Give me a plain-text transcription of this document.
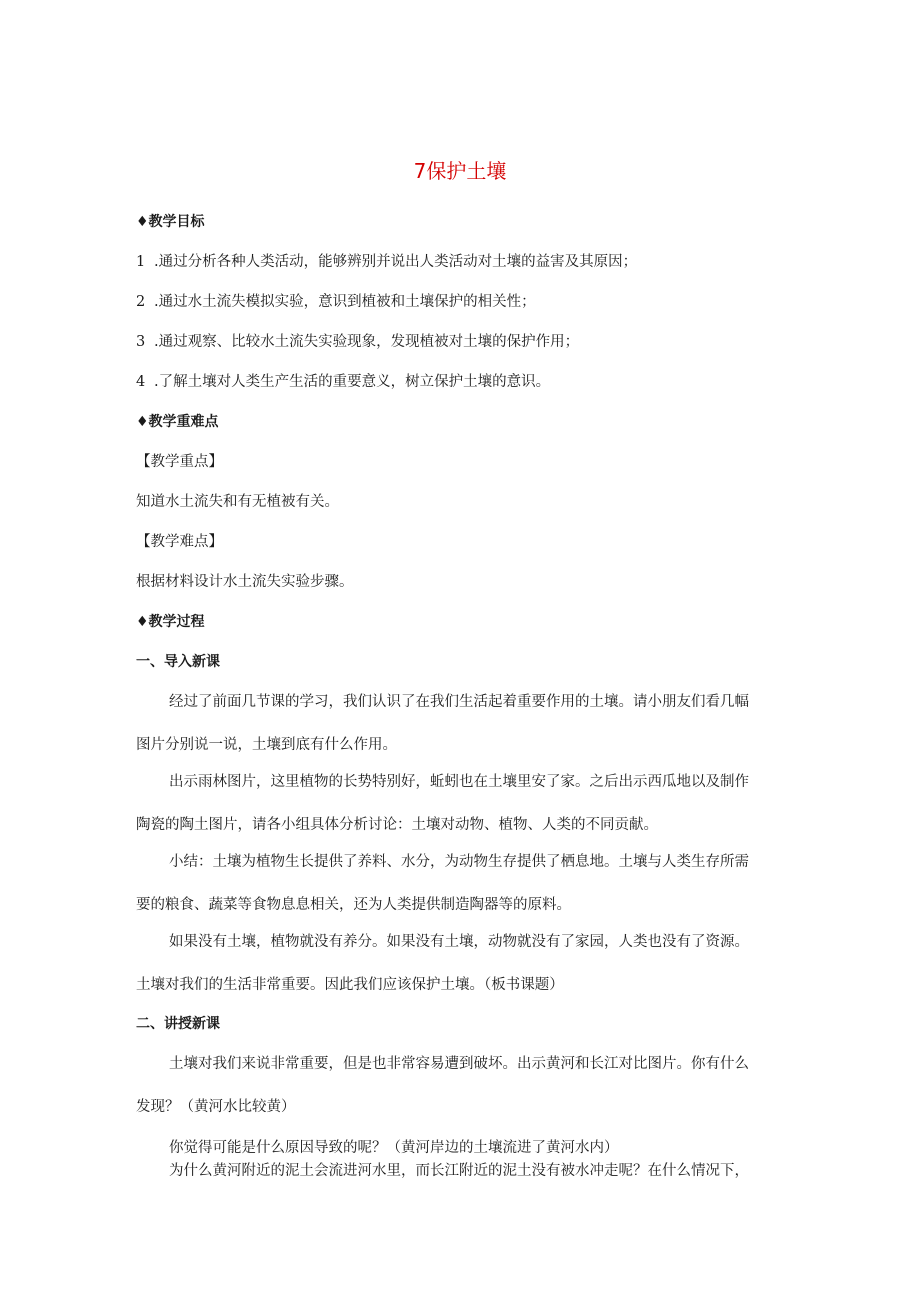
7保护土壤
♦教学目标
1 .通过分析各种人类活动，能够辨别并说出人类活动对土壤的益害及其原因；
2 .通过水土流失模拟实验，意识到植被和土壤保护的相关性；
3 .通过观察、比较水土流失实验现象，发现植被对土壤的保护作用；
4 .了解土壤对人类生产生活的重要意义，树立保护土壤的意识。
♦教学重难点
【教学重点】
知道水土流失和有无植被有关。
【教学难点】
根据材料设计水土流失实验步骤。
♦教学过程
一、导入新课
经过了前面几节课的学习，我们认识了在我们生活起着重要作用的土壤。请小朋友们看几幅
图片分别说一说，土壤到底有什么作用。
出示雨林图片，这里植物的长势特别好，蚯蚓也在土壤里安了家。之后出示西瓜地以及制作
陶瓷的陶土图片，请各小组具体分析讨论：土壤对动物、植物、人类的不同贡献。
小结：土壤为植物生长提供了养料、水分，为动物生存提供了栖息地。土壤与人类生存所需
要的粮食、蔬菜等食物息息相关，还为人类提供制造陶器等的原料。
如果没有土壤，植物就没有养分。如果没有土壤，动物就没有了家园，人类也没有了资源。
土壤对我们的生活非常重要。因此我们应该保护土壤。（板书课题）
二、讲授新课
土壤对我们来说非常重要，但是也非常容易遭到破坏。出示黄河和长江对比图片。你有什么
发现？（黄河水比较黄）
你觉得可能是什么原因导致的呢？（黄河岸边的土壤流进了黄河水内）
为什么黄河附近的泥土会流进河水里，而长江附近的泥土没有被水冲走呢？在什么情况下，
